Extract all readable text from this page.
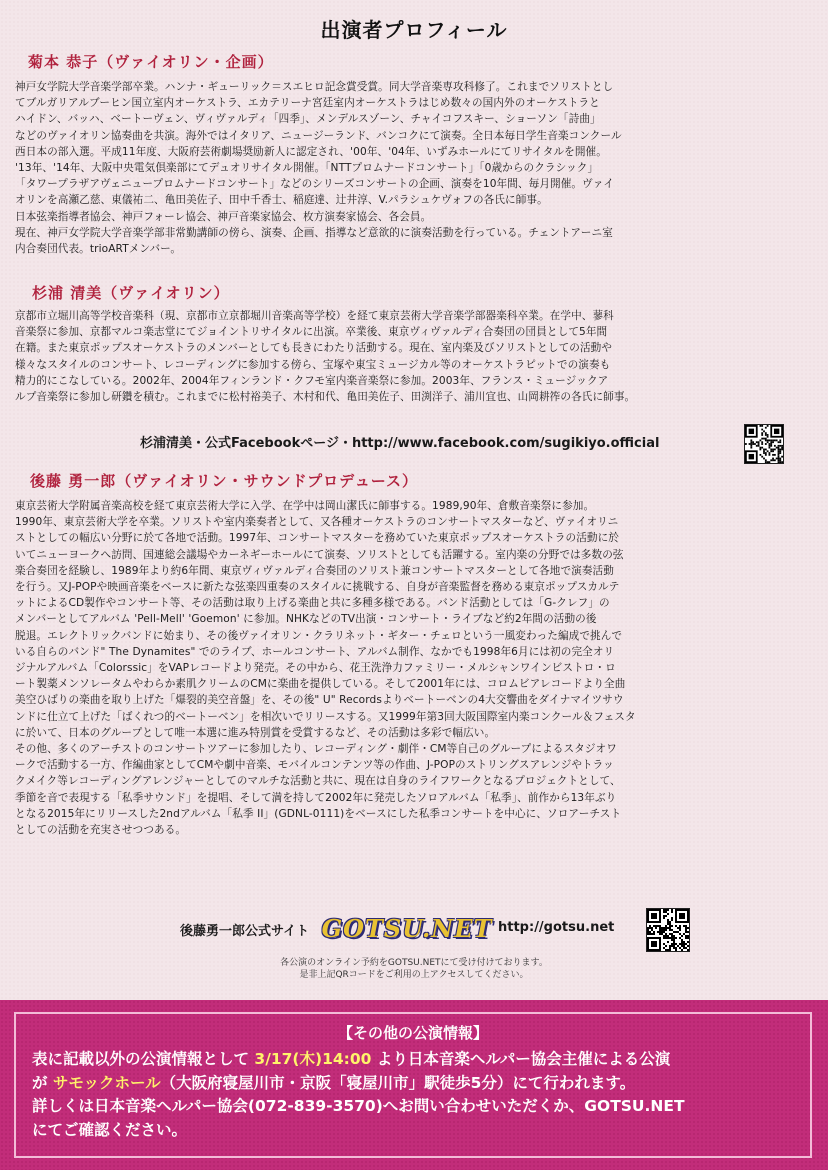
出演者プロフィール
菊本 恭子（ヴァイオリン・企画）
神戸女学院大学音楽学部卒業。ハンナ・ギューリック＝スエヒロ記念賞受賞。同大学音楽専攻科修了。これまでソリストとし
てブルガリアルブーヒン国立室内オーケストラ、エカテリーナ宮廷室内オーケストラはじめ数々の国内外のオーケストラと
ハイドン、バッハ、ベートーヴェン、ヴィヴァルディ「四季」、メンデルスゾーン、チャイコフスキー、ショーソン「詩曲」
などのヴァイオリン協奏曲を共演。海外ではイタリア、ニュージーランド、バンコクにて演奏。全日本毎日学生音楽コンクール
西日本の部入選。平成11年度、大阪府芸術劇場奨励新人に認定され、'00年、'04年、いずみホールにてリサイタルを開催。
'13年、'14年、大阪中央電気倶楽部にてデュオリサイタル開催。「NTTプロムナードコンサート」「0歳からのクラシック」
「タワープラザアヴェニュープロムナードコンサート」などのシリーズコンサートの企画、演奏を10年間、毎月開催。ヴァイ
オリンを高瀬乙慈、東儀祐二、亀田美佐子、田中千香士、稲庭達、辻井淳、V.パラシュケヴォフの各氏に師事。
日本弦楽指導者協会、神戸フォーレ協会、神戸音楽家協会、枚方演奏家協会、各会員。
現在、神戸女学院大学音楽学部非常勤講師の傍ら、演奏、企画、指導など意欲的に演奏活動を行っている。チェントアーニ室
内合奏団代表。trioARTメンバー。
杉浦 清美（ヴァイオリン）
京都市立堀川高等学校音楽科（現、京都市立京都堀川音楽高等学校）を経て東京芸術大学音楽学部器楽科卒業。在学中、蓼科
音楽祭に参加、京都マルコ楽志堂にてジョイントリサイタルに出演。卒業後、東京ヴィヴァルディ合奏団の団員として5年間
在籍。また東京ポップスオーケストラのメンバーとしても長きにわたり活動する。現在、室内楽及びソリストとしての活動や
様々なスタイルのコンサート、レコーディングに参加する傍ら、宝塚や東宝ミュージカル等のオーケストラピットでの演奏も
精力的にこなしている。2002年、2004年フィンランド・クフモ室内楽音楽祭に参加。2003年、フランス・ミュージックア
ルプ音楽祭に参加し研鑽を積む。これまでに松村裕美子、木村和代、亀田美佐子、田渕洋子、浦川宜也、山岡耕筰の各氏に師事。
杉浦清美・公式Facebookページ・http://www.facebook.com/sugikiyo.official
後藤 勇一郎（ヴァイオリン・サウンドプロデュース）
東京芸術大学附属音楽高校を経て東京芸術大学に入学、在学中は岡山潔氏に師事する。1989,90年、倉敷音楽祭に参加。
1990年、東京芸術大学を卒業。ソリストや室内楽奏者として、又各種オーケストラのコンサートマスターなど、ヴァイオリニ
ストとしての幅広い分野に於て各地で活動。1997年、コンサートマスターを務めていた東京ポップスオーケストラの活動に於
いてニューヨークへ訪問、国連総会議場やカーネギーホールにて演奏、ソリストとしても活躍する。室内楽の分野では多数の弦
楽合奏団を経験し、1989年より約6年間、東京ヴィヴァルディ合奏団のソリスト兼コンサートマスターとして各地で演奏活動
を行う。又J-POPや映画音楽をベースに新たな弦楽四重奏のスタイルに挑戦する、自身が音楽監督を務める東京ポップスカルテ
ットによるCD製作やコンサート等、その活動は取り上げる楽曲と共に多種多様である。バンド活動としては「G-クレフ」の
メンバーとしてアルバム 'Pell-Mell' 'Goemon' に参加。NHKなどのTV出演・コンサート・ライブなど約2年間の活動の後
脱退。エレクトリックバンドに始まり、その後ヴァイオリン・クラリネット・ギター・チェロという一風変わった編成で挑んで
いる自らのバンド" The Dynamites" でのライブ、ホールコンサート、アルバム制作、なかでも1998年6月には初の完全オリ
ジナルアルバム「Colorssic」をVAPレコードより発売。その中から、花王洗浄力ファミリー・メルシャンワインビストロ・ロ
ート製薬メンソレータムやわらか素肌クリームのCMに楽曲を提供している。そして2001年には、コロムビアレコードより全曲
美空ひばりの楽曲を取り上げた「爆裂的美空音盤」を、その後" U" Recordsよりベートーベンの4大交響曲をダイナマイツサウ
ンドに仕立て上げた「ばくれつ的ベートーベン」を相次いでリリースする。又1999年第3回大阪国際室内楽コンクール＆フェスタ
に於いて、日本のグループとして唯一本選に進み特別賞を受賞するなど、その活動は多彩で幅広い。
その他、多くのアーチストのコンサートツアーに参加したり、レコーディング・劇伴・CM等自己のグループによるスタジオワ
ークで活動する一方、作編曲家としてCMや劇中音楽、モバイルコンテンツ等の作曲、J-POPのストリングスアレンジやトラッ
クメイク等レコーディングアレンジャーとしてのマルチな活動と共に、現在は自身のライフワークとなるプロジェクトとして、
季節を音で表現する「私季サウンド」を提唱、そして満を持して2002年に発売したソロアルバム「私季」、前作から13年ぶり
となる2015年にリリースした2ndアルバム「私季 II」(GDNL-0111)をベースにした私季コンサートを中心に、ソロアーチスト
としての活動を充実させつつある。
後藤勇一郎公式サイト GOTSU.NET http://gotsu.net
各公演のオンライン予約をGOTSU.NETにて受け付けております。
是非上記QRコードをご利用の上アクセスしてください。
【その他の公演情報】
表に記載以外の公演情報として 3/17(木)14:00 より日本音楽ヘルパー協会主催による公演
が サモックホール（大阪府寝屋川市・京阪「寝屋川市」駅徒歩5分）にて行われます。
詳しくは日本音楽ヘルパー協会(072-839-3570)へお問い合わせいただくか、GOTSU.NET
にてご確認ください。
